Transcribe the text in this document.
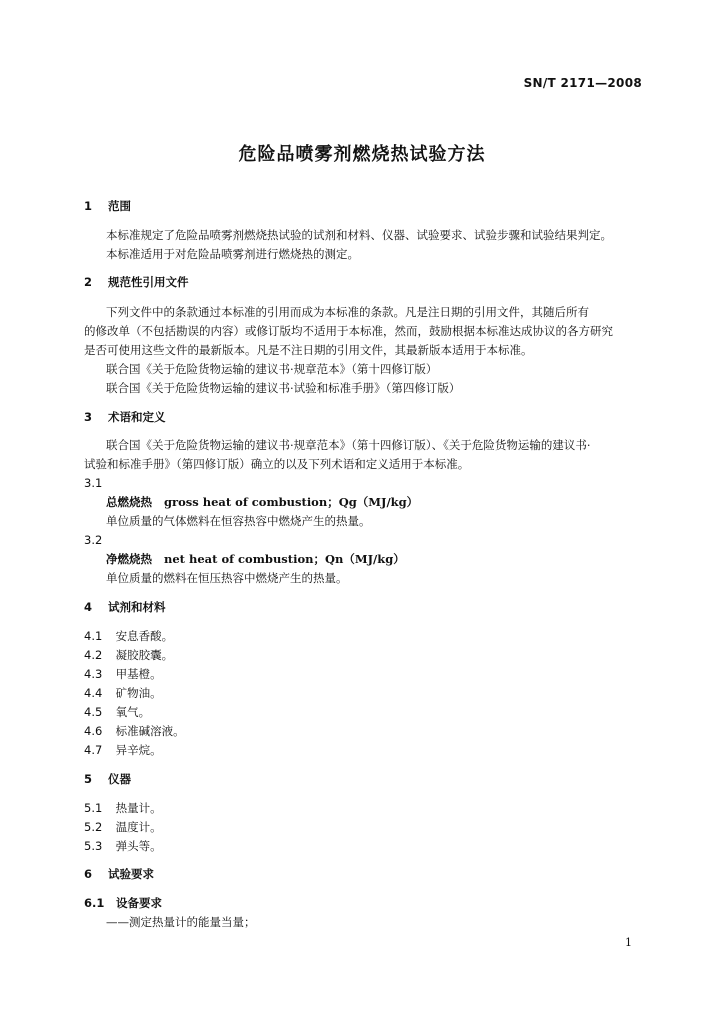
SN/T 2171—2008
危险品喷雾剂燃烧热试验方法
1 范围
本标准规定了危险品喷雾剂燃烧热试验的试剂和材料、仪器、试验要求、试验步骤和试验结果判定。
本标准适用于对危险品喷雾剂进行燃烧热的测定。
2 规范性引用文件
下列文件中的条款通过本标准的引用而成为本标准的条款。凡是注日期的引用文件，其随后所有
的修改单（不包括勘误的内容）或修订版均不适用于本标准，然而，鼓励根据本标准达成协议的各方研究
是否可使用这些文件的最新版本。凡是不注日期的引用文件，其最新版本适用于本标准。
联合国《关于危险货物运输的建议书·规章范本》（第十四修订版）
联合国《关于危险货物运输的建议书·试验和标准手册》（第四修订版）
3 术语和定义
联合国《关于危险货物运输的建议书·规章范本》（第十四修订版）、《关于危险货物运输的建议书·
试验和标准手册》（第四修订版）确立的以及下列术语和定义适用于本标准。
3.1
总燃烧热 gross heat of combustion；Qg（MJ/kg）
单位质量的气体燃料在恒容热容中燃烧产生的热量。
3.2
净燃烧热 net heat of combustion；Qn（MJ/kg）
单位质量的燃料在恒压热容中燃烧产生的热量。
4 试剂和材料
4.1 安息香酸。
4.2 凝胶胶囊。
4.3 甲基橙。
4.4 矿物油。
4.5 氧气。
4.6 标准碱溶液。
4.7 异辛烷。
5 仪器
5.1 热量计。
5.2 温度计。
5.3 弹头等。
6 试验要求
6.1 设备要求
——测定热量计的能量当量；
1
